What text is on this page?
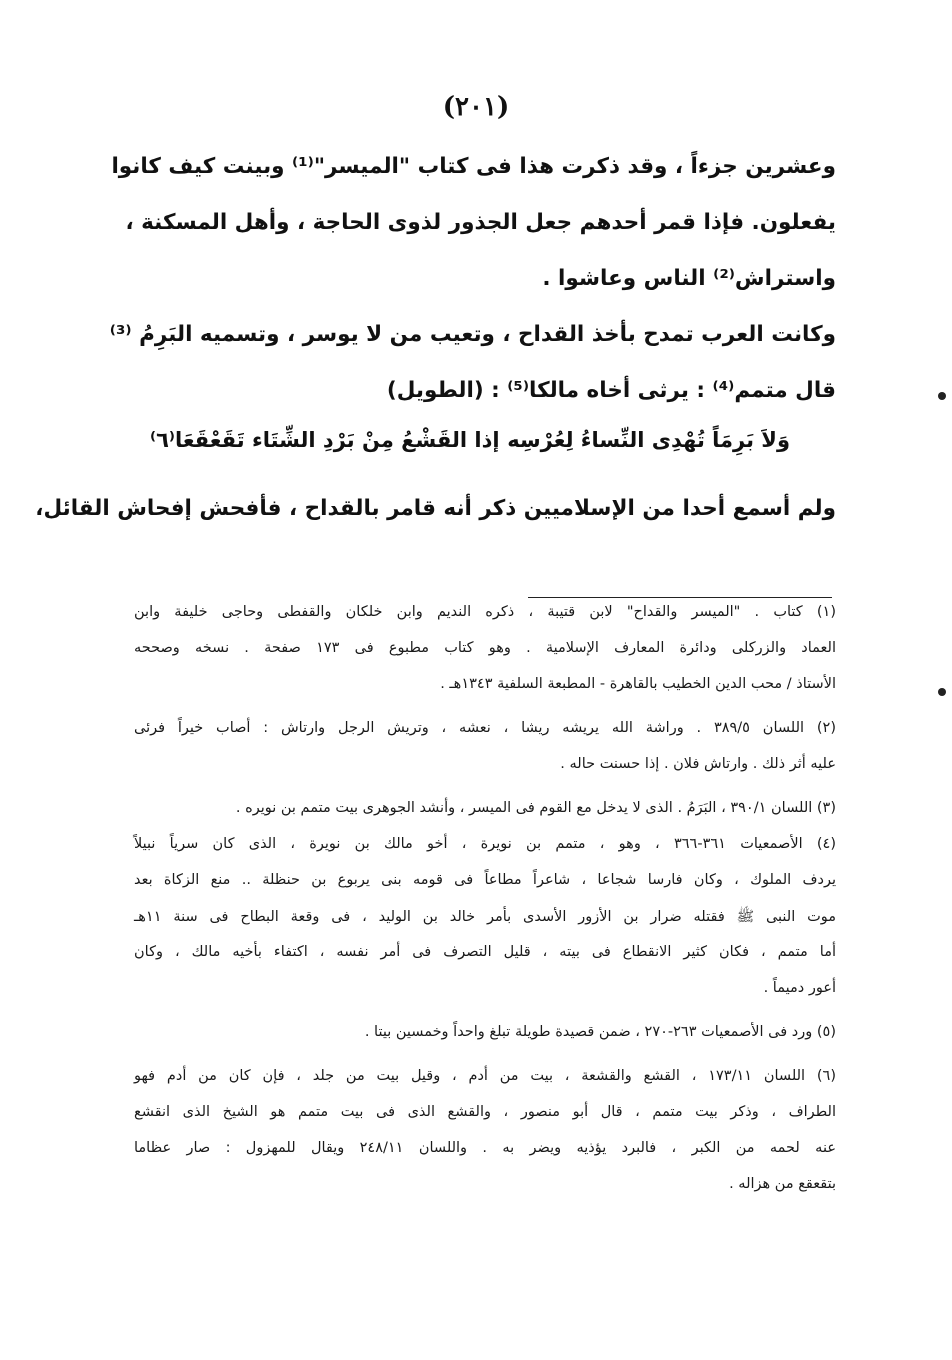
(٢٠١)
وعشرين جزءاً ، وقد ذكرت هذا فى كتاب "الميسر"⁽¹⁾ وبينت كيف كانوا
يفعلون. فإذا قمر أحدهم جعل الجذور لذوى الحاجة ، وأهل المسكنة ،
واستراش⁽²⁾ الناس وعاشوا .
وكانت العرب تمدح بأخذ القداح ، وتعيب من لا يوسر ، وتسميه البَرِمُ ⁽³⁾
قال متمم⁽⁴⁾ : يرثى أخاه مالكا⁽⁵⁾ : (الطويل)
وَلاَ بَرِمَاً تُهْدِى النِّساءُ لِعُرْسِه
إذا القَشْعُ مِنْ بَرْدِ الشِّتَاء تَقَعْقَعَا⁽٦⁾
ولم أسمع أحدا من الإسلاميين ذكر أنه قامر بالقداح ، فأفحش إفحاش القائل،
(١) كتاب . "الميسر والقداح" لابن قتيبة ، ذكره النديم وابن خلكان والقفطى وحاجى خليفة وابن
العماد والزركلى ودائرة المعارف الإسلامية . وهو كتاب مطبوع فى ١٧٣ صفحة . نسخه وصححه
الأستاذ / محب الدين الخطيب بالقاهرة - المطبعة السلفية ١٣٤٣هـ .
(٢) اللسان ٣٨٩/٥ . وراشة الله يريشه ريشا ، نعشه ، وتريش الرجل وارتاش : أصاب خيراً فرئى
عليه أثر ذلك . وارتاش فلان . إذا حسنت حاله .
(٣) اللسان ٣٩٠/١ ، البَرَمُ . الذى لا يدخل مع القوم فى الميسر ، وأنشد الجوهرى بيت متمم بن نويره .
(٤) الأصمعيات ٣٦١-٣٦٦ ، وهو ، متمم بن نويرة ، أخو مالك بن نويرة ، الذى كان سرياً نبيلاً
يردف الملوك ، وكان فارسا شجاعا ، شاعراً مطاعاً فى قومه بنى يربوع بن حنظلة .. منع الزكاة بعد
موت النبى ﷺ فقتله ضرار بن الأزور الأسدى بأمر خالد بن الوليد ، فى وقعة البطاح فى سنة ١١هـ
أما متمم ، فكان كثير الانقطاع فى بيته ، قليل التصرف فى أمر نفسه ، اكتفاء بأخيه مالك ، وكان
أعور دميماً .
(٥) ورد فى الأصمعيات ٢٦٣-٢٧٠ ، ضمن قصيدة طويلة تبلغ واحداً وخمسين بيتا .
(٦) اللسان ١٧٣/١١ ، القشع والقشعة ، بيت من أدم ، وقيل بيت من جلد ، فإن كان من أدم فهو
الطراف ، وذكر بيت متمم ، قال أبو منصور ، والقشع الذى فى بيت متمم هو الشيخ الذى انقشع
عنه لحمه من الكبر ، فالبرد يؤذيه ويضر به . واللسان ٢٤٨/١١ ويقال للمهزول : صار عظاما
بتقعقع من هزاله .
